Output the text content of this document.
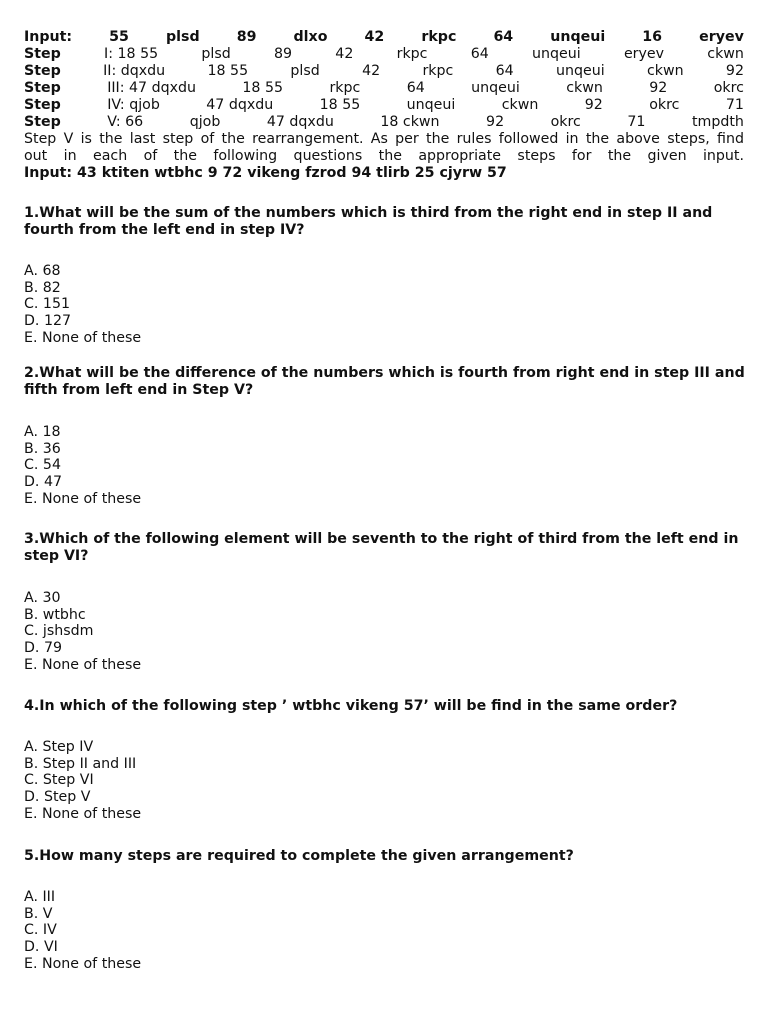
Input:	55	plsd	89	dlxo	42	rkpc	64	unqeui	16	eryev
Step	I: 18 55	plsd	89	42	rkpc	64	unqeui	eryev	ckwn
Step	II: dqxdu	18 55	plsd	42	rkpc	64	unqeui	ckwn	92
Step	III: 47 dqxdu	18 55	rkpc	64	unqeui	ckwn	92	okrc
Step	IV: qjob	47 dqxdu	18 55	unqeui	ckwn	92	okrc	71
Step	V: 66	qjob	47 dqxdu	18 ckwn	92	okrc	71	tmpdth
Step V is the last step of the rearrangement. As per the rules followed in the above steps, find
out in each of the following questions the appropriate steps for the given input.
Input: 43 ktiten wtbhc 9 72 vikeng fzrod 94 tlirb 25 cjyrw 57
1.What will be the sum of the numbers which is third from the right end in step II and fourth from the left end in step IV?
A. 68
B. 82
C. 151
D. 127
E. None of these
2.What will be the difference of the numbers which is fourth from right end in step III and fifth from left end in Step V?
A. 18
B. 36
C. 54
D. 47
E. None of these
3.Which of the following element will be seventh to the right of third from the left end in step VI?
A. 30
B. wtbhc
C. jshsdm
D. 79
E. None of these
4.In which of the following step ’ wtbhc vikeng 57’ will be find in the same order?
A. Step IV
B. Step II and III
C. Step VI
D. Step V
E. None of these
5.How many steps are required to complete the given arrangement?
A. III
B. V
C. IV
D. VI
E. None of these
